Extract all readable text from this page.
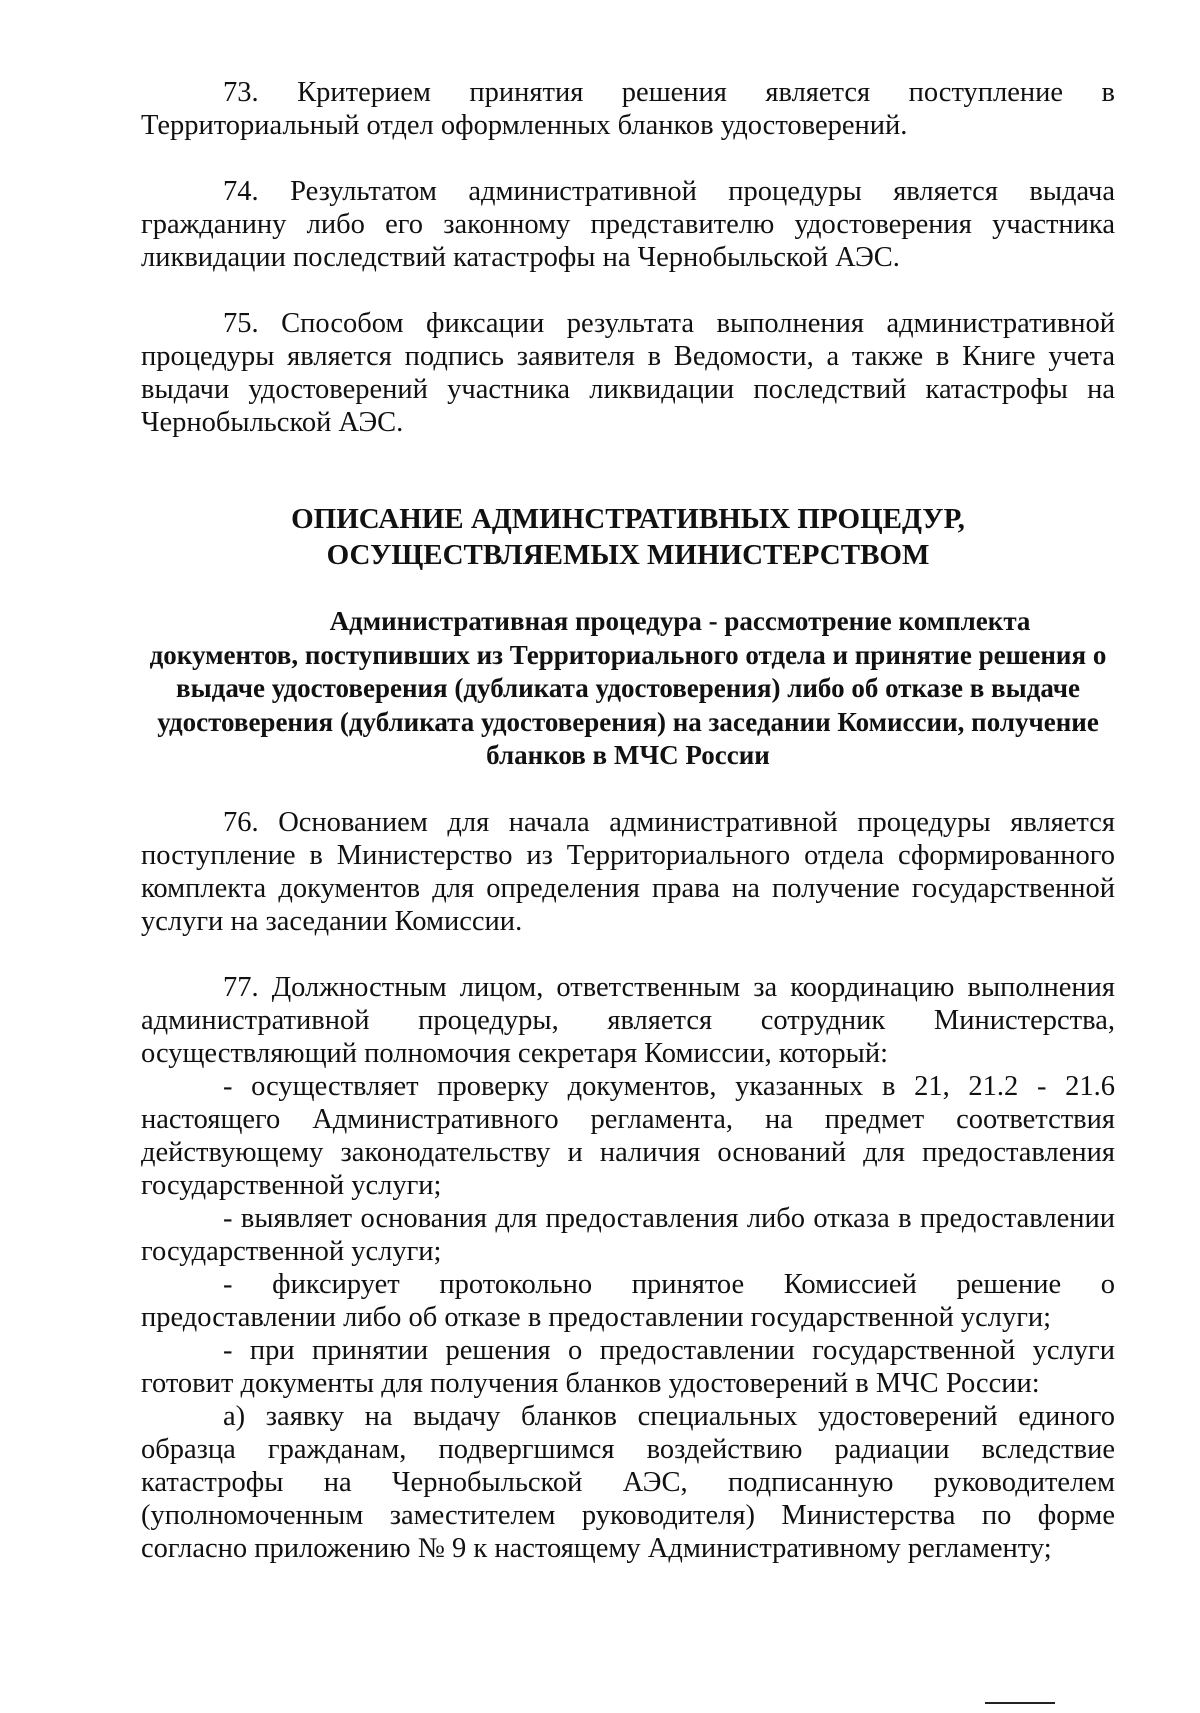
73. Критерием принятия решения является поступление в Территориальный отдел оформленных бланков удостоверений.

74. Результатом административной процедуры является выдача гражданину либо его законному представителю удостоверения участника ликвидации последствий катастрофы на Чернобыльской АЭС.

75. Способом фиксации результата выполнения административной процедуры является подпись заявителя в Ведомости, а также в Книге учета выдачи удостоверений участника ликвидации последствий катастрофы на Чернобыльской АЭС.

ОПИСАНИЕ АДМИНСТРАТИВНЫХ ПРОЦЕДУР,
ОСУЩЕСТВЛЯЕМЫХ МИНИСТЕРСТВОМ
Административная процедура - рассмотрение комплекта
документов, поступивших из Территориального отдела и принятие решения о выдаче удостоверения (дубликата удостоверения) либо об отказе в выдаче удостоверения (дубликата удостоверения) на заседании Комиссии, получение бланков в МЧС России

76. Основанием для начала административной процедуры является поступление в Министерство из Территориального отдела сформированного комплекта документов для определения права на получение государственной услуги на заседании Комиссии.

77. Должностным лицом, ответственным за координацию выполнения административной процедуры, является сотрудник Министерства, осуществляющий полномочия секретаря Комиссии, который:

- осуществляет проверку документов, указанных в 21, 21.2 - 21.6 настоящего Административного регламента, на предмет соответствия действующему законодательству и наличия оснований для предоставления государственной услуги;

- выявляет основания для предоставления либо отказа в предоставлении государственной услуги;

- фиксирует протокольно принятое Комиссией решение о предоставлении либо об отказе в предоставлении государственной услуги;

- при принятии решения о предоставлении государственной услуги готовит документы для получения бланков удостоверений в МЧС России:

а) заявку на выдачу бланков специальных удостоверений единого образца гражданам, подвергшимся воздействию радиации вследствие катастрофы на Чернобыльской АЭС, подписанную руководителем (уполномоченным заместителем руководителя) Министерства по форме согласно приложению № 9 к настоящему Административному регламенту;
